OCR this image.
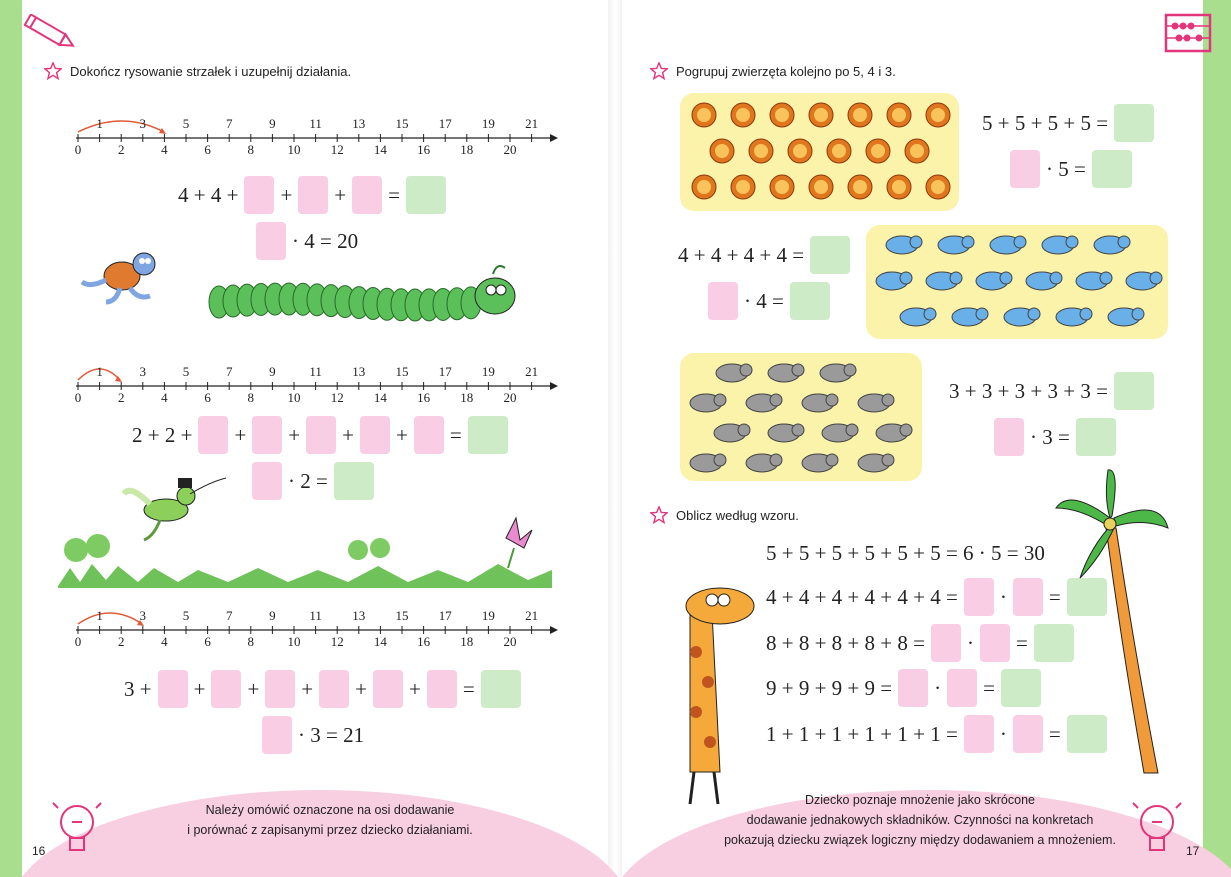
Dokończ rysowanie strzałek i uzupełnij działania.
1	3	5	7	9	11 13 15 17 19 21
0	2	4	6	8	10 12 14 16 18 20
4 + 4 + + + =
· 4 = 20
1	3	5	7	9	11 13 15 17 19 21
0	2	4	6	8	10 12 14 16 18 20
2 + 2 + + + + + =
· 2 =
1	3	5	7	9	11 13 15 17 19 21
0	2	4	6	8	10 12 14 16 18 20
3 + + + + + + =
· 3 = 21
Należy omówić oznaczone na osi dodawanie
i porównać z zapisanymi przez dziecko działaniami.
16
Pogrupuj zwierzęta kolejno po 5, 4 i 3.
5 + 5 + 5 + 5 =
· 5 =
4 + 4 + 4 + 4 =
· 4 =
3 + 3 + 3 + 3 + 3 =
· 3 =
Oblicz według wzoru.
5 + 5 + 5 + 5 + 5 + 5 = 6 · 5 = 30
4 + 4 + 4 + 4 + 4 + 4 = · =
8 + 8 + 8 + 8 + 8 = · =
9 + 9 + 9 + 9 = · =
1 + 1 + 1 + 1 + 1 + 1 = · =
Dziecko poznaje mnożenie jako skrócone
dodawanie jednakowych składników. Czynności na konkretach
pokazują dziecku związek logiczny między dodawaniem a mnożeniem.
17
